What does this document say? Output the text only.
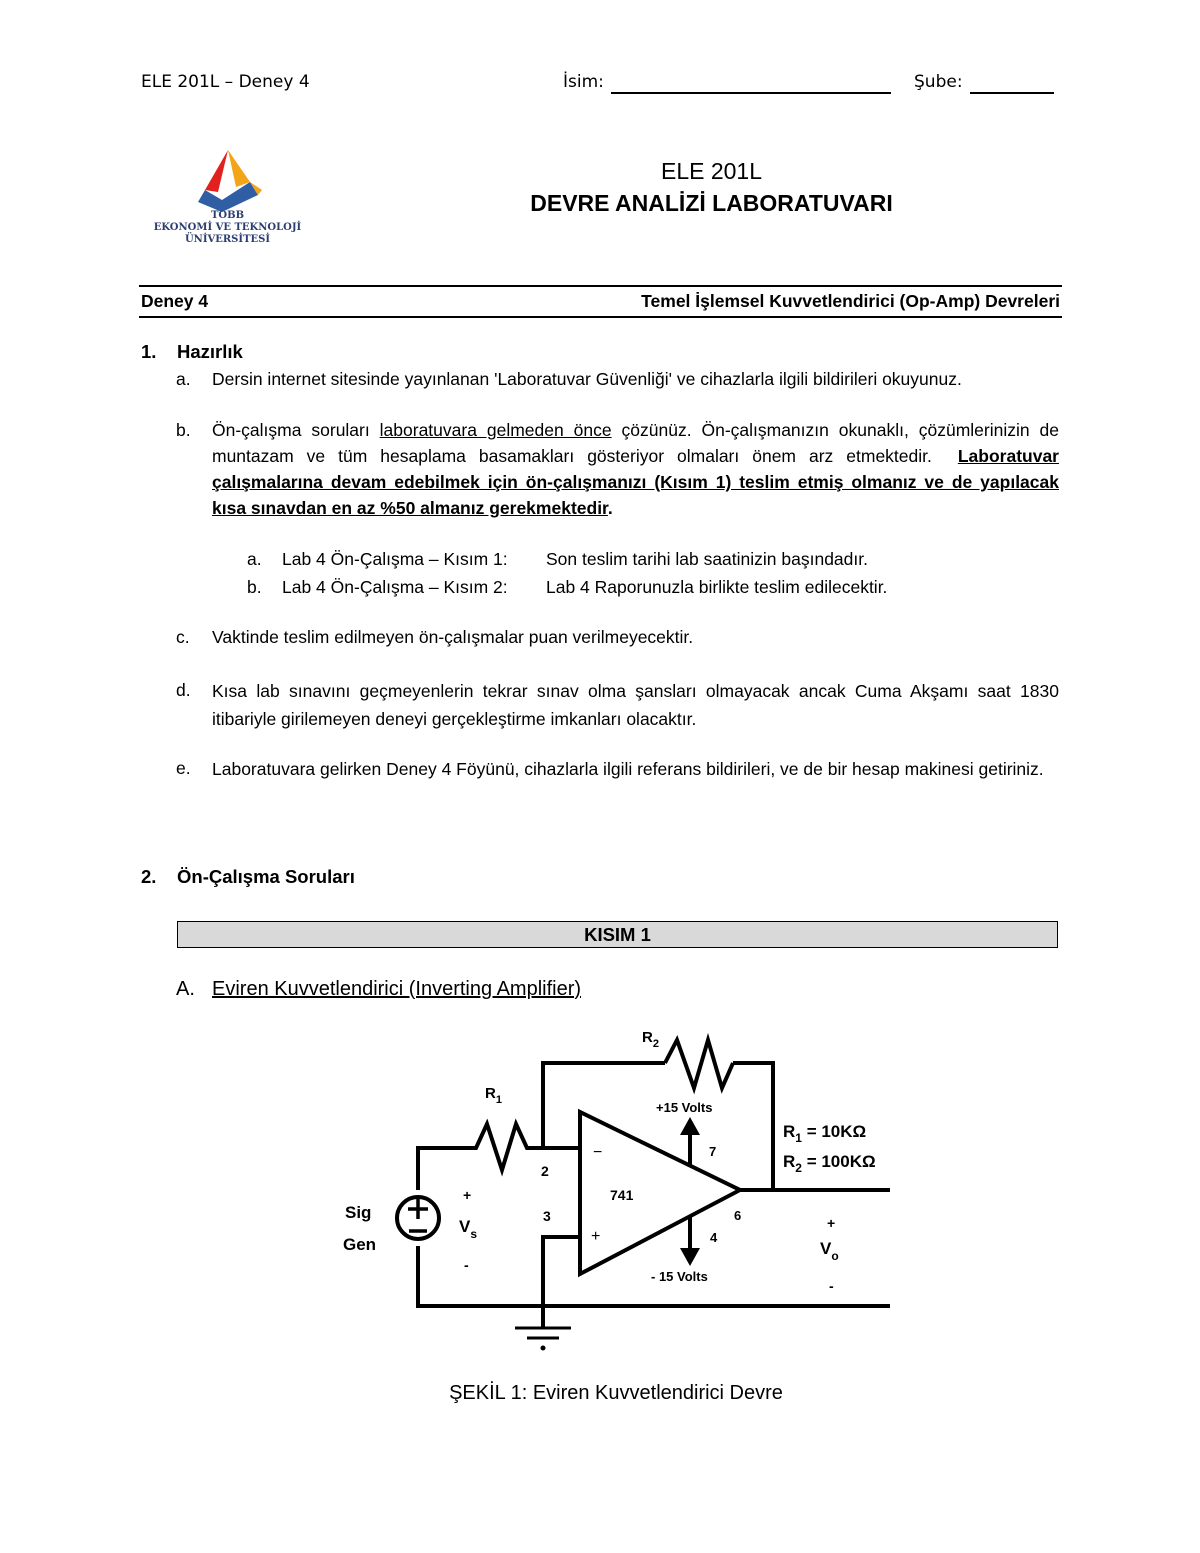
ELE 201L – Deney 4	İsim:	Şube:
TOBB
EKONOMİ VE TEKNOLOJİ
ÜNİVERSİTESİ
ELE 201L
DEVRE ANALİZİ LABORATUVARI
Deney 4	Temel İşlemsel Kuvvetlendirici (Op-Amp) Devreleri
1. Hazırlık
a. Dersin internet sitesinde yayınlanan 'Laboratuvar Güvenliği' ve cihazlarla ilgili bildirileri okuyunuz.
b. Ön-çalışma soruları laboratuvara gelmeden önce çözünüz. Ön-çalışmanızın okunaklı, çözümlerinizin de muntazam ve tüm hesaplama basamakları gösteriyor olmaları önem arz etmektedir. Laboratuvar çalışmalarına devam edebilmek için ön-çalışmanızı (Kısım 1) teslim etmiş olmanız ve de yapılacak kısa sınavdan en az %50 almanız gerekmektedir.
a. Lab 4 Ön-Çalışma – Kısım 1: Son teslim tarihi lab saatinizin başındadır.
b. Lab 4 Ön-Çalışma – Kısım 2: Lab 4 Raporunuzla birlikte teslim edilecektir.
c. Vaktinde teslim edilmeyen ön-çalışmalar puan verilmeyecektir.
d. Kısa lab sınavını geçmeyenlerin tekrar sınav olma şansları olmayacak ancak Cuma Akşamı saat 1830 itibariyle girilemeyen deneyi gerçekleştirme imkanları olacaktır.
e. Laboratuvara gelirken Deney 4 Föyünü, cihazlarla ilgili referans bildirileri, ve de bir hesap makinesi getiriniz.
2. Ön-Çalışma Soruları
KISIM 1
A. Eviren Kuvvetlendirici (Inverting Amplifier)
$R_2$
$R_1$	+15 Volts
- 15 Volts
7
4
2
3	6
741
−
+
$R_1 = 10K\Omega$
$R_2 = 100K\Omega$
Sig
Gen
+
$V_s$
-
+
$V_o$
-
ŞEKİL 1: Eviren Kuvvetlendirici Devre
